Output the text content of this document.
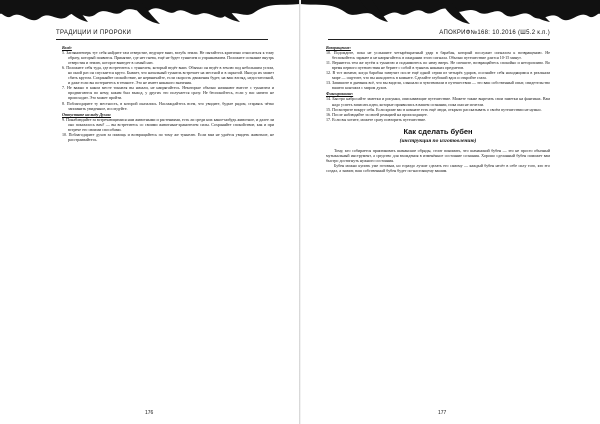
ТРАДИЦИИ И ПРОРОКИ

Вход:

5. Заглянитеперь тут себя найдите там отверстие, ведущее вниз, вглубь земли. Не пытайтесь критично относиться к тому образу, который появится. Принятие, где нет гнева, ещё не будет туннелем и упражнением. Положите сознание внутрь отверстия и землю, которое выведет в самый низ.

6. Положите себя туда, где встретитесь с туннелем, который ведёт вниз. Обычно он ведёт в землю под небольшим углом, но иной раз он спускается круто. Бывает, что начальный туннель встречает на местной и в скрытой. Иногда их может сбить кругом. Сохраняйте спокойствие, не нервничайте, если скорость движения будет, на ваш взгляд, недостаточной, и даже если вы потеряетесь в темноте. Это не имеет никакого значения.

7. Не важно в каком месте тоннеля вы начали, не напрягайтесь. Некоторые обычно начинают вместе с туннелем и продвигаются по нему, каким был выход, у других это получается сразу. Не беспокойтесь, если у вас ничего не происходит. Это может пройти.

8. Поблагодарите ту местность, в которой оказались. Наслаждайтесь всем, что увидите, будьте рядом, стараясь чётко запомнить увиденное, исследуйте.

Отпустите на виду Духов:

9. Понаблюдайте за встречающимися нам животными и растениями, есть ли среди них какое-нибудь животное, и далее ли оно показалось вам? — вы встретитесь со своими животным-хранителем силы. Сохраняйте спокойствие, как и при встрече его своими способами.

10. Поблагодарите духов за помощь и возвращайтесь по тому же туннелю. Если вам не удаётся увидеть животное, не расстраивайтесь.

176
АПОКРИФ№168: 10.2016 (Ш5.2 к.п.)

Возвращение:

10. Подождите, пока не услышите четырёхкратный удар в барабан, который послужит сигналом к возвращению. Не беспокойтесь заранее и не напрягайтесь в ожидании этого сигнала. Обычно путешествие длится 10-15 минут.

11. Вернитесь тем же путём к туннелю и поднимитесь по нему вверх. Не спешите, возвращайтесь спокойно и неторопливо. Во время первого путешествия не берите с собой в туннель никаких предметов.

12. В тот момент, когда барабан зазвучит после ещё одной серии из четырёх ударов, осознайте себя находящимся в реальном мире — ощутите, что вы находитесь в комнате. Сделайте глубокий вдох и откройте глаза.

13. Запишите в дневник всё, что вы видели, слышали и чувствовали в путешествии — это ваш собственный опыт, свидетельство вашего контакта с миром духов.

Фиксирование:

14. Быстро набросайте заметки и рисунки, описывающие путешествие. Можете также вырезать свои заметки на фантиках. Вам надо успеть записать идеи, которые проявились в вашем сознании, пока они не исчезли.

15. Посмотрите вокруг себя. Если кроме вас в комнате есть ещё люди, открыто рассказывать о своём путешествии не нужно.

16. После наблюдайте за своей реакцией на происходящее.

17. Если вы хотите, можете сразу повторить путешествие.

Как сделать бубен

(инструкция по изготовлению)

Тому, кто собирается практиковать шаманские обряды, стоит понимать, что шаманский бубен — это не просто обычный музыкальный инструмент, а средство для вхождения в изменённое состояние сознания. Хорошо сделанный бубен поможет вам быстро достигнуть нужного состояния.

Бубен можно купить уже готовым, но гораздо лучше сделать его самому — каждый бубен несёт в себе силу того, кто его создал, а значит, ваш собственный бубен будет по-настоящему вашим.

177
